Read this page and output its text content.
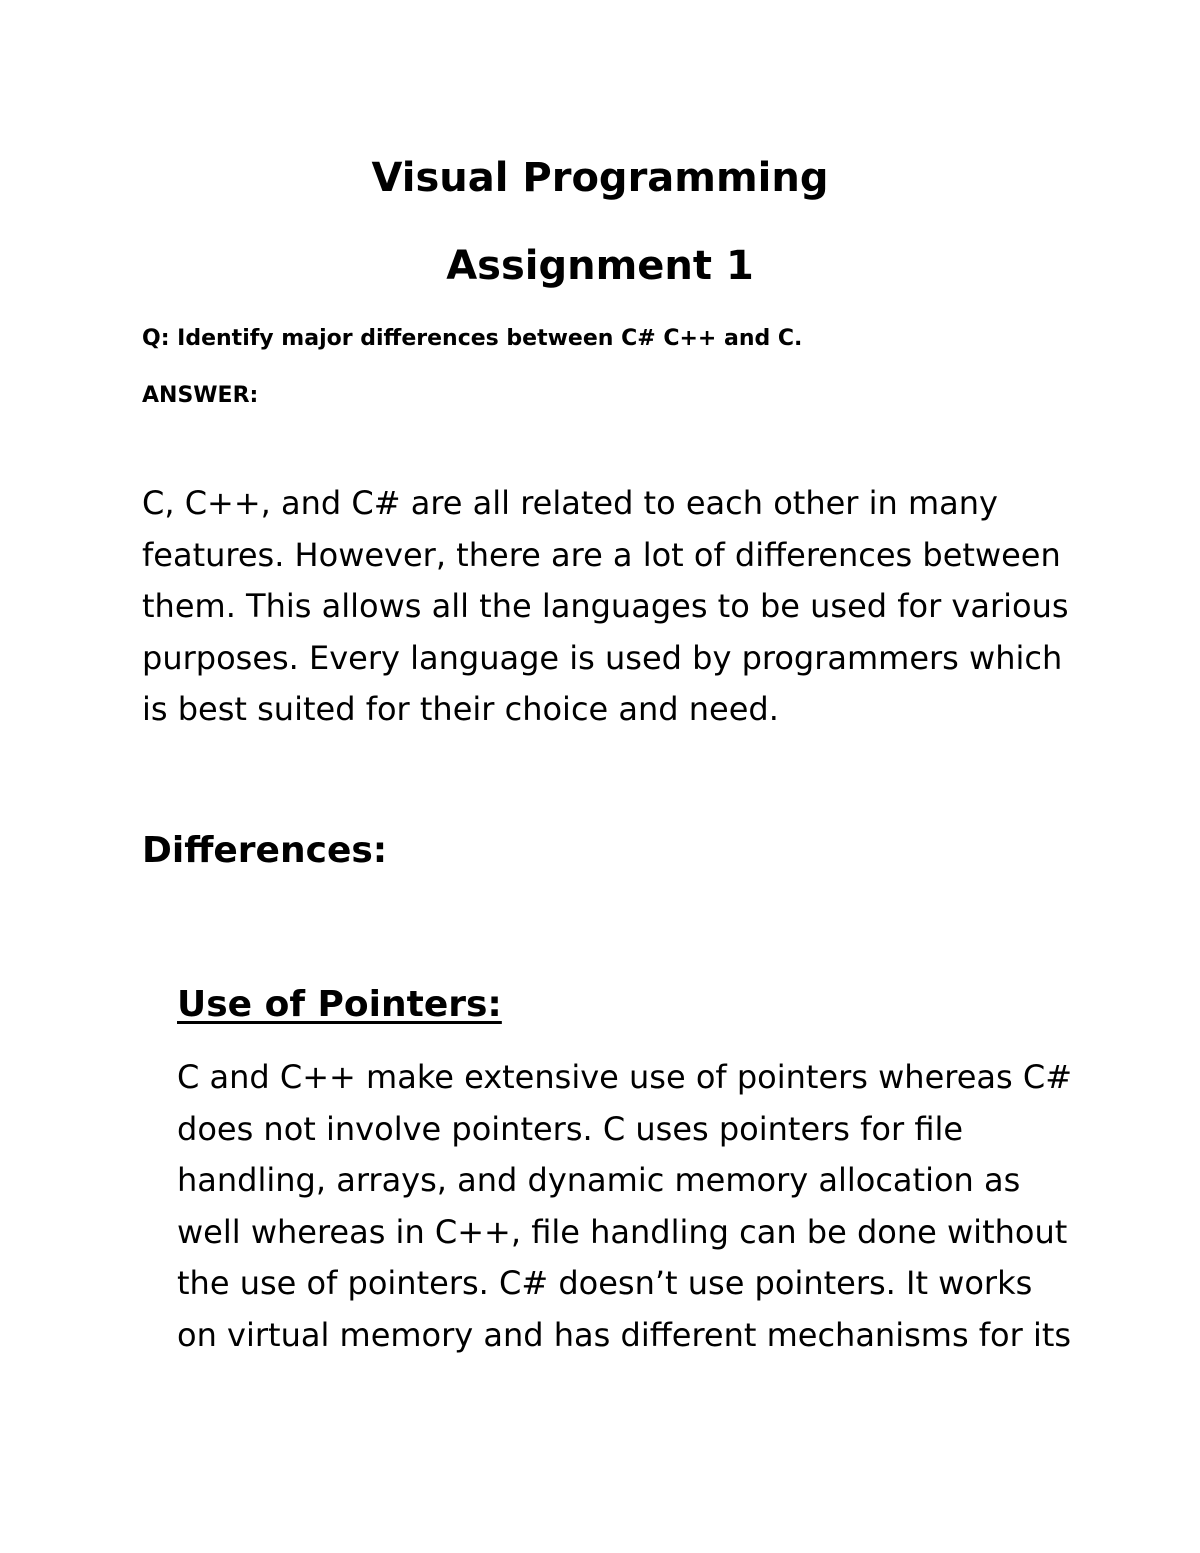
Visual Programming
Assignment 1
Q: Identify major differences between C# C++ and C.
ANSWER:
C, C++, and C# are all related to each other in many
features. However, there are a lot of differences between
them. This allows all the languages to be used for various
purposes. Every language is used by programmers which
is best suited for their choice and need.
Differences:
Use of Pointers:
C and C++ make extensive use of pointers whereas C#
does not involve pointers. C uses pointers for file
handling, arrays, and dynamic memory allocation as
well whereas in C++, file handling can be done without
the use of pointers. C# doesn’t use pointers. It works
on virtual memory and has different mechanisms for its
